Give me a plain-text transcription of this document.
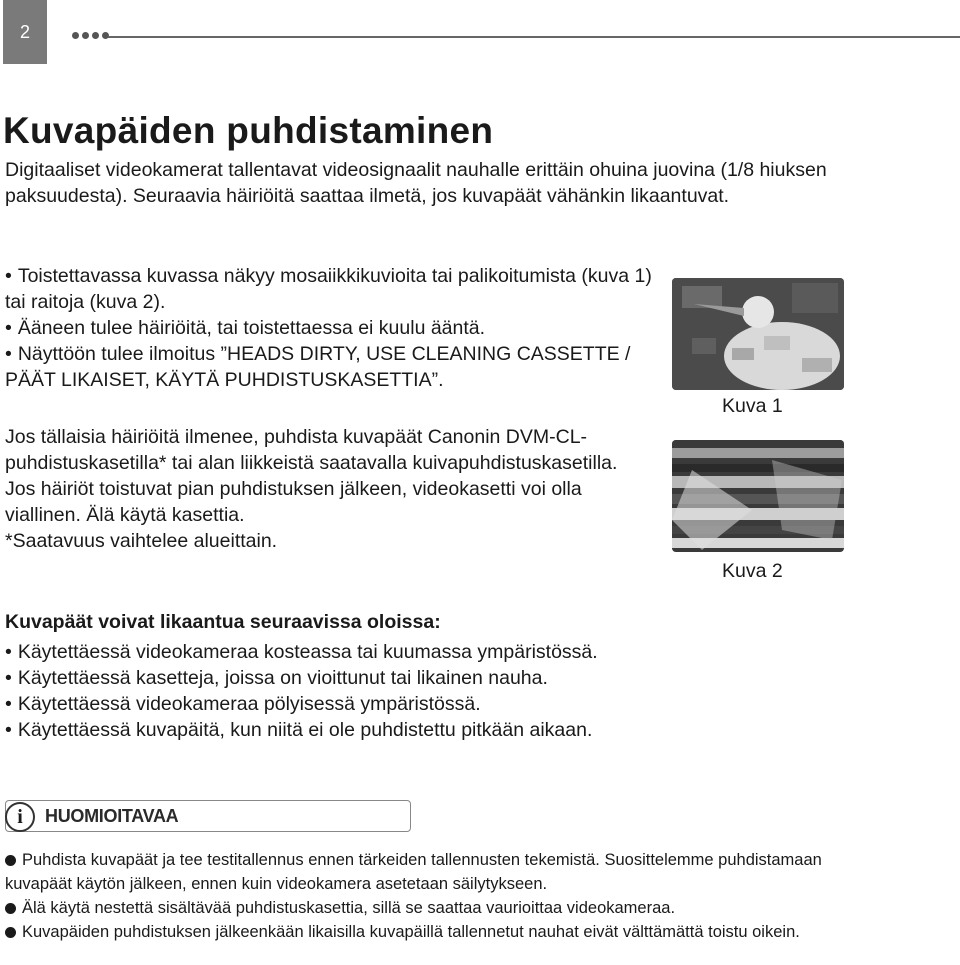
2
Kuvapäiden puhdistaminen

Digitaaliset videokamerat tallentavat videosignaalit nauhalle erittäin ohuina juovina (1/8 hiuksen paksuudesta). Seuraavia häiriöitä saattaa ilmetä, jos kuvapäät vähänkin likaantuvat.

• Toistettavassa kuvassa näkyy mosaiikkikuvioita tai palikoitumista (kuva 1) tai raitoja (kuva 2).
• Ääneen tulee häiriöitä, tai toistettaessa ei kuulu ääntä.
• Näyttöön tulee ilmoitus ”HEADS DIRTY, USE CLEANING CASSETTE / PÄÄT LIKAISET, KÄYTÄ PUHDISTUSKASETTIA”.
Jos tällaisia häiriöitä ilmenee, puhdista kuvapäät Canonin DVM-CL-puhdistuskasetilla* tai alan liikkeistä saatavalla kuivapuhdistuskasetilla.
Jos häiriöt toistuvat pian puhdistuksen jälkeen, videokasetti voi olla viallinen. Älä käytä kasettia.
*Saatavuus vaihtelee alueittain.
Kuva 1
Kuva 2
Kuvapäät voivat likaantua seuraavissa oloissa:
• Käytettäessä videokameraa kosteassa tai kuumassa ympäristössä.
• Käytettäessä kasetteja, joissa on vioittunut tai likainen nauha.
• Käytettäessä videokameraa pölyisessä ympäristössä.
• Käytettäessä kuvapäitä, kun niitä ei ole puhdistettu pitkään aikaan.
i	HUOMIOITAVAA
Puhdista kuvapäät ja tee testitallennus ennen tärkeiden tallennusten tekemistä. Suosittelemme puhdistamaan kuvapäät käytön jälkeen, ennen kuin videokamera asetetaan säilytykseen.
Älä käytä nestettä sisältävää puhdistuskasettia, sillä se saattaa vaurioittaa videokameraa.
Kuvapäiden puhdistuksen jälkeenkään likaisilla kuvapäillä tallennetut nauhat eivät välttämättä toistu oikein.
